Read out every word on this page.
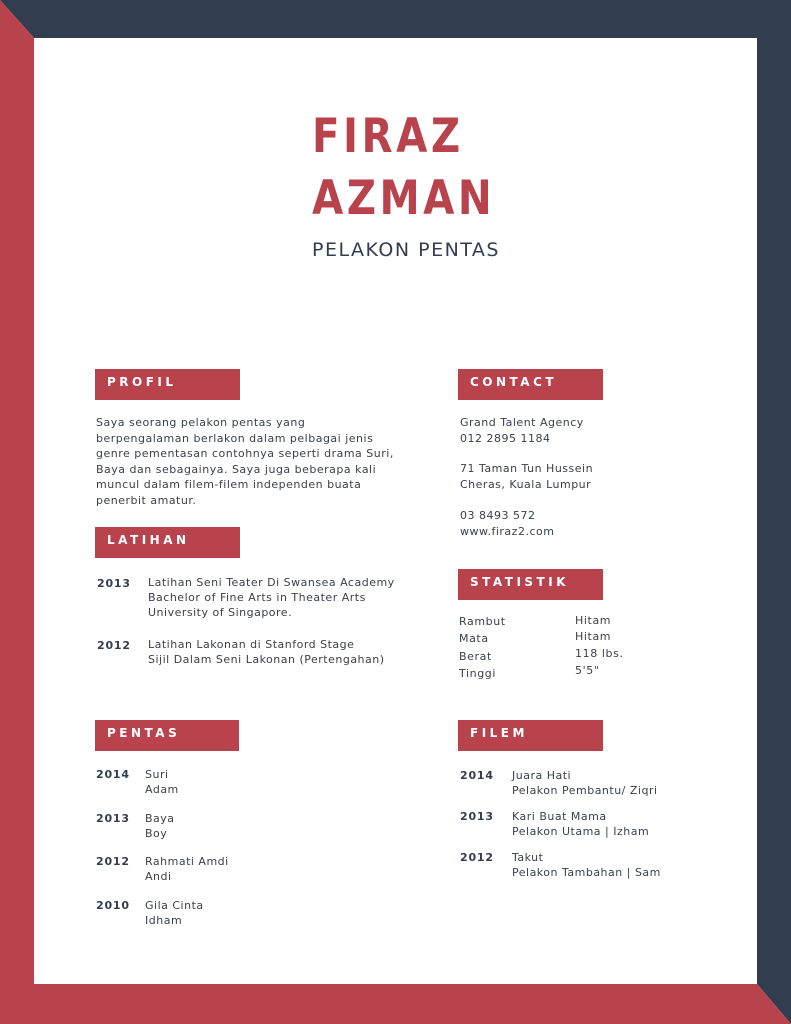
FIRAZ
AZMAN
PELAKON PENTAS
PROFIL
Saya seorang pelakon pentas yang
berpengalaman berlakon dalam pelbagai jenis
genre pementasan contohnya seperti drama Suri,
Baya dan sebagainya. Saya juga beberapa kali
muncul dalam filem-filem independen buata
penerbit amatur.
LATIHAN
2013 Latihan Seni Teater Di Swansea Academy
Bachelor of Fine Arts in Theater Arts
University of Singapore.
2012 Latihan Lakonan di Stanford Stage
Sijil Dalam Seni Lakonan (Pertengahan)
PENTAS
2014 Suri
Adam
2013 Baya
Boy
2012 Rahmati Amdi
Andi
2010 Gila Cinta
Idham
CONTACT
Grand Talent Agency
012 2895 1184
71 Taman Tun Hussein
Cheras, Kuala Lumpur
03 8493 572
www.firaz2.com
STATISTIK
Rambut	Hitam
Mata	Hitam
Berat	118 lbs.
Tinggi	5'5"
FILEM
2014 Juara Hati
Pelakon Pembantu/ Ziqri
2013 Kari Buat Mama
Pelakon Utama | Izham
2012 Takut
Pelakon Tambahan | Sam
